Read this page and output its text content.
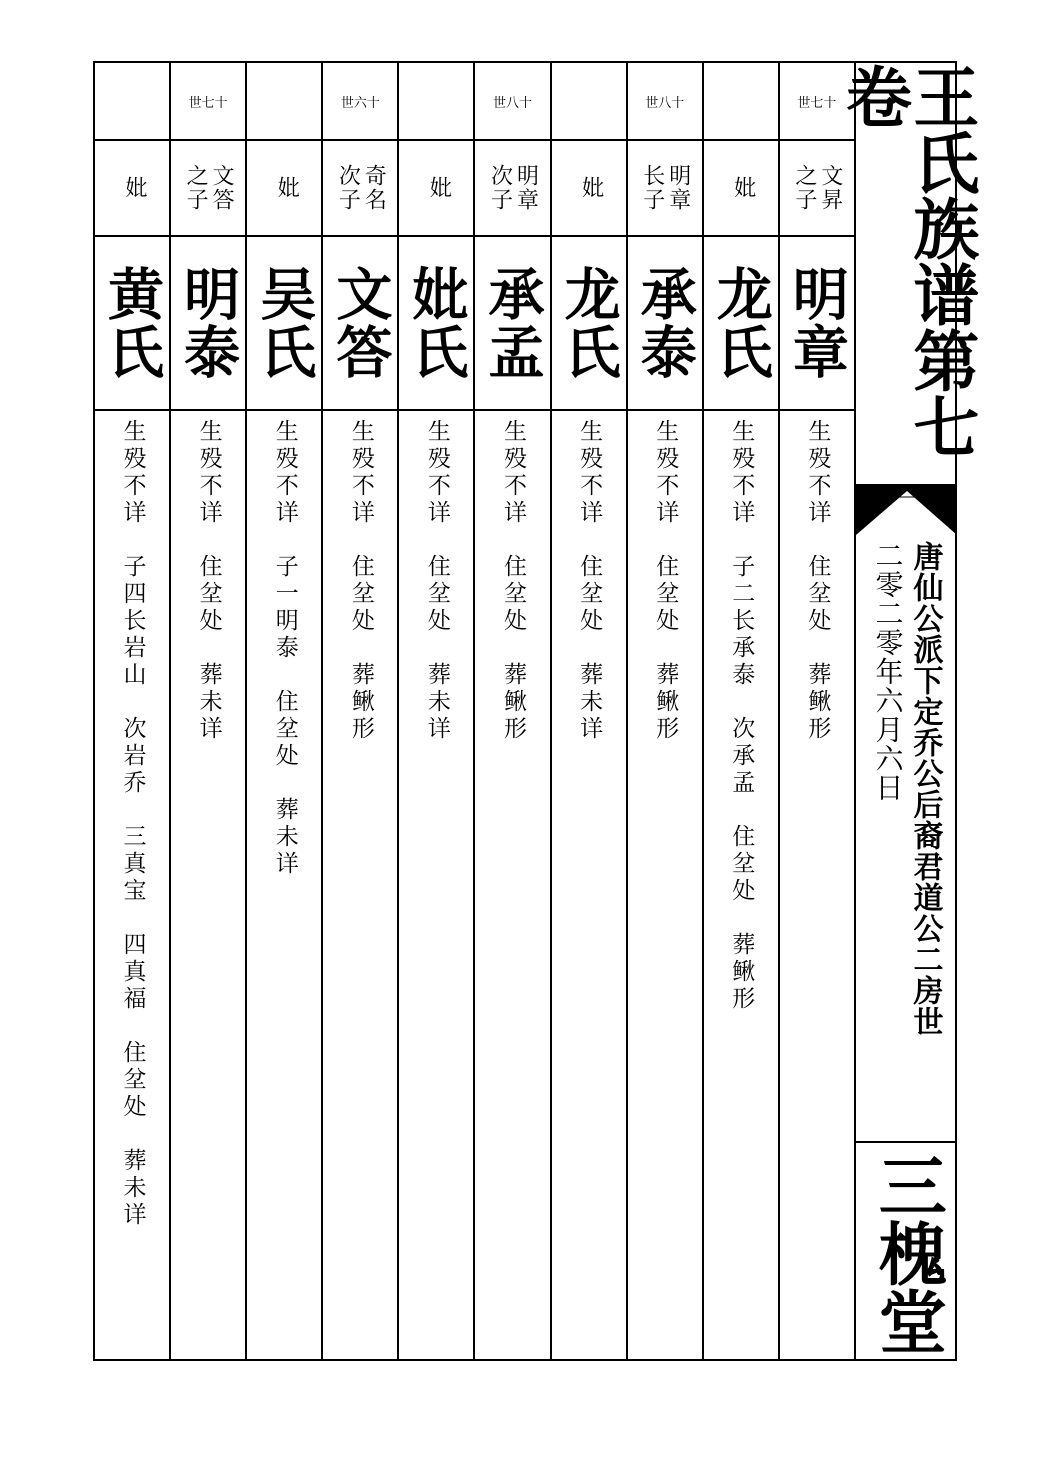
妣
黄氏
生殁不详　子四长岩山　次岩乔　三真宝　四真福　住坌处　葬未详
世七十
文答
之子
明泰
生殁不详　住坌处　葬未详
妣
吴氏
生殁不详　子一明泰　住坌处　葬未详
世六十
奇名
次子
文答
生殁不详　住坌处　葬鳅形
妣
妣氏
生殁不详　住坌处　葬未详
世八十
明章
次子
承孟
生殁不详　住坌处　葬鳅形
妣
龙氏
生殁不详　住坌处　葬未详
世八十
明章
长子
承泰
生殁不详　住坌处　葬鳅形
妣
龙氏
生殁不详　子二长承泰　次承孟　住坌处　葬鳅形
世七十
文昇
之子
明章
生殁不详　住坌处　葬鳅形
王氏族谱第七卷
唐仙公派下定乔公后裔君道公二房世
二零二零年六月六日
三槐堂
